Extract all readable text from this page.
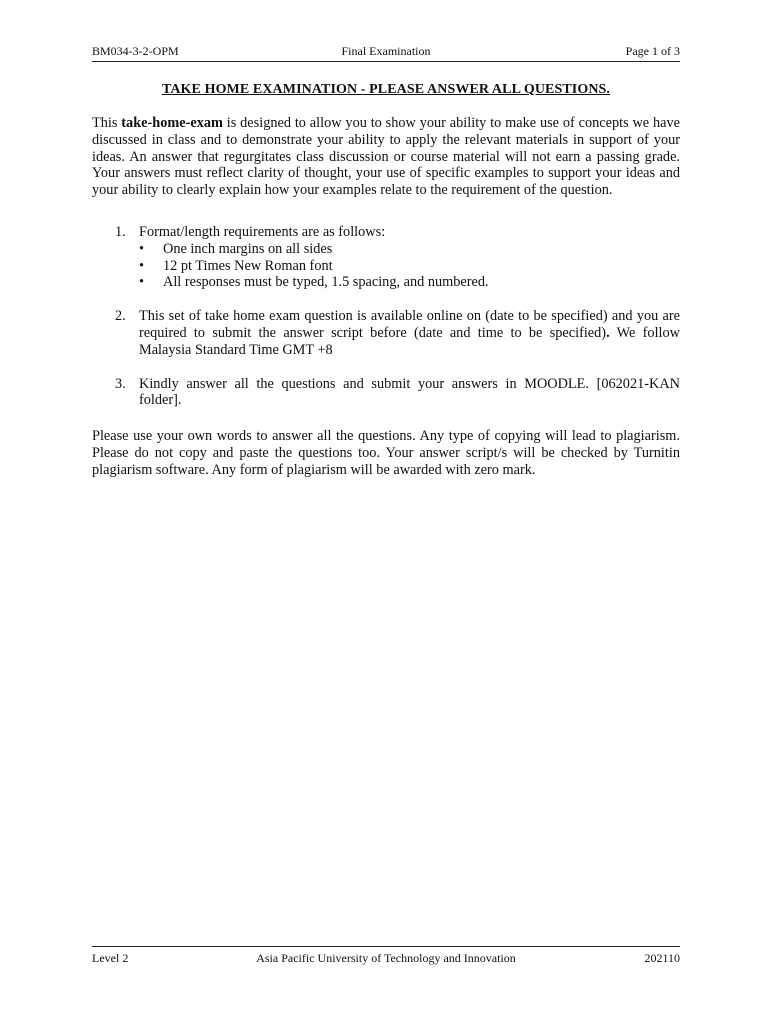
BM034-3-2-OPM	Final Examination	Page 1 of 3
TAKE HOME EXAMINATION - PLEASE ANSWER ALL QUESTIONS.

This take-home-exam is designed to allow you to show your ability to make use of concepts we have discussed in class and to demonstrate your ability to apply the relevant materials in support of your ideas. An answer that regurgitates class discussion or course material will not earn a passing grade. Your answers must reflect clarity of thought, your use of specific examples to support your ideas and your ability to clearly explain how your examples relate to the requirement of the question.

1. Format/length requirements are as follows:
• One inch margins on all sides
• 12 pt Times New Roman font
• All responses must be typed, 1.5 spacing, and numbered.
2. This set of take home exam question is available online on (date to be specified) and you are required to submit the answer script before (date and time to be specified). We follow Malaysia Standard Time GMT +8
3. Kindly answer all the questions and submit your answers in MOODLE. [062021-KAN folder].

Please use your own words to answer all the questions. Any type of copying will lead to plagiarism. Please do not copy and paste the questions too. Your answer script/s will be checked by Turnitin plagiarism software. Any form of plagiarism will be awarded with zero mark.

Level 2	Asia Pacific University of Technology and Innovation	202110
